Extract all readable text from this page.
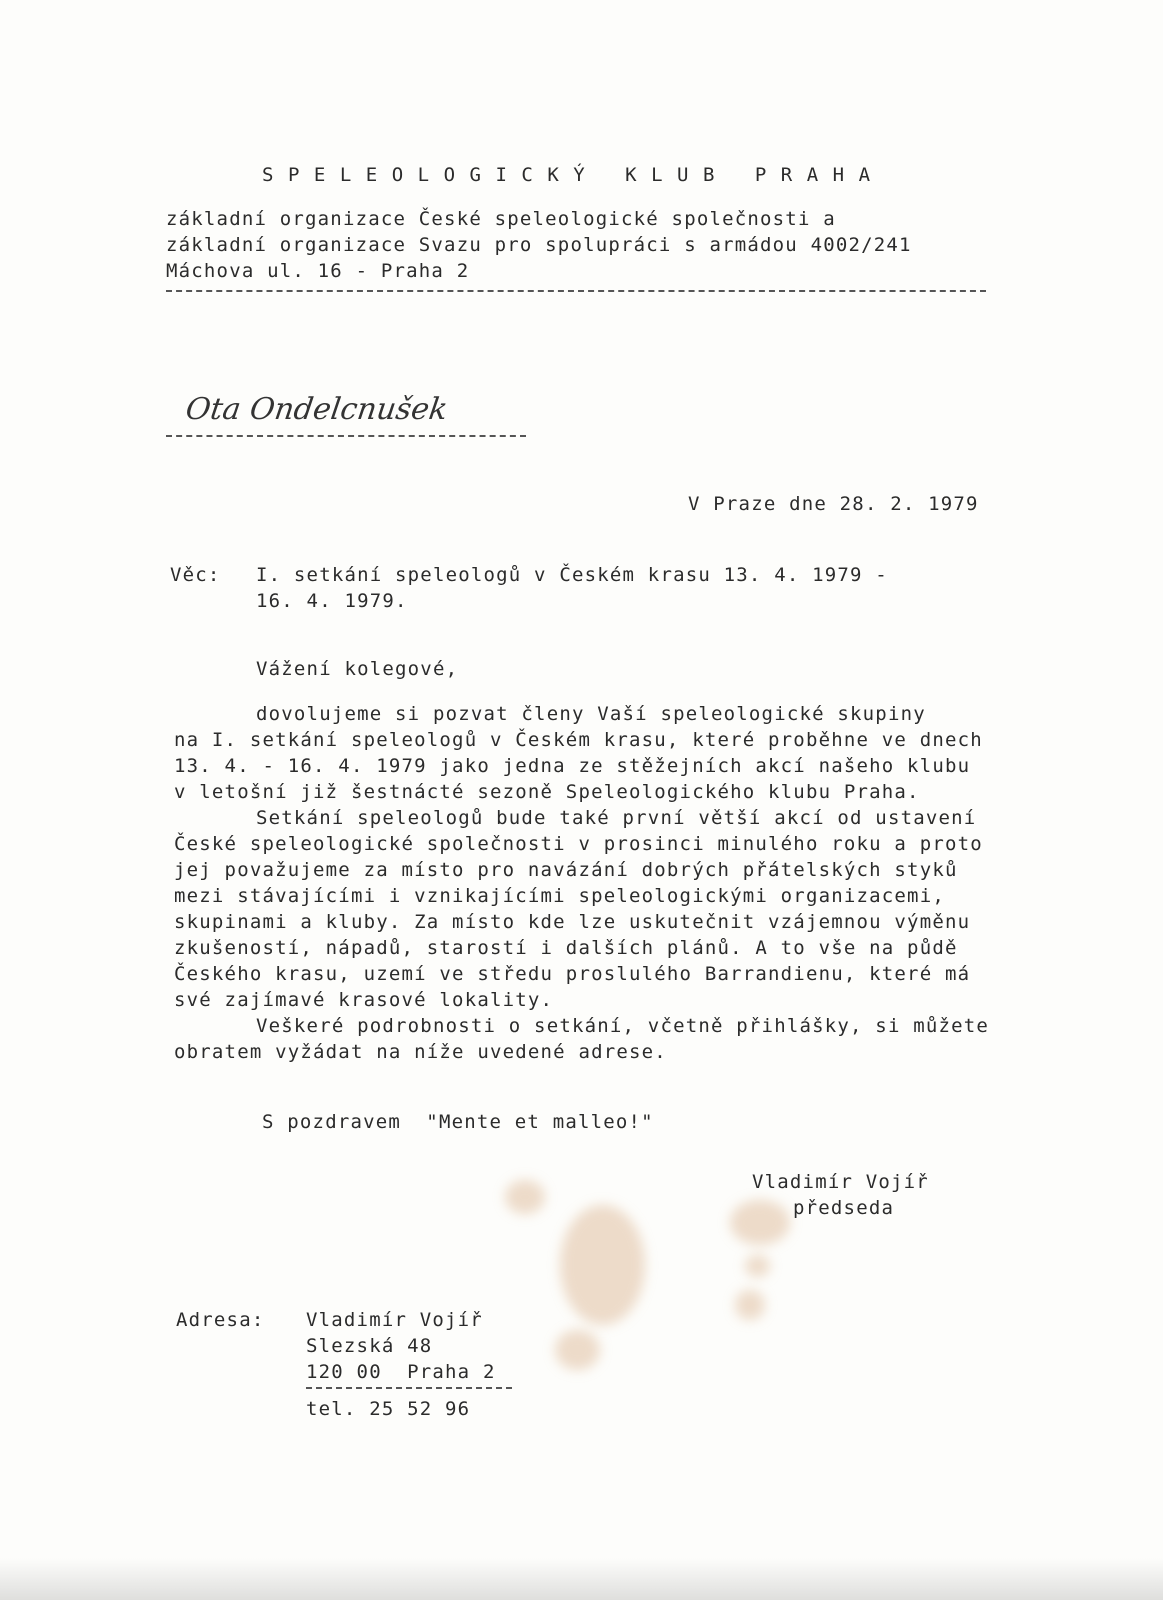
SPELEOLOGICKÝ KLUB PRAHA
základní organizace České speleologické společnosti a
základní organizace Svazu pro spolupráci s armádou 4002/241
Máchova ul. 16 - Praha 2
Ota Ondelcnušek
V Praze dne 28. 2. 1979
Věc: I. setkání speleologů v Českém krasu 13. 4. 1979 -
16. 4. 1979.
Vážení kolegové,
dovolujeme si pozvat členy Vaší speleologické skupiny
na I. setkání speleologů v Českém krasu, které proběhne ve dnech
13. 4. - 16. 4. 1979 jako jedna ze stěžejních akcí našeho klubu
v letošní již šestnácté sezoně Speleologického klubu Praha.
Setkání speleologů bude také první větší akcí od ustavení
České speleologické společnosti v prosinci minulého roku a proto
jej považujeme za místo pro navázání dobrých přátelských styků
mezi stávajícími i vznikajícími speleologickými organizacemi,
skupinami a kluby. Za místo kde lze uskutečnit vzájemnou výměnu
zkušeností, nápadů, starostí i dalších plánů. A to vše na půdě
Českého krasu, uzemí ve středu proslulého Barrandienu, které má
své zajímavé krasové lokality.
Veškeré podrobnosti o setkání, včetně přihlášky, si můžete
obratem vyžádat na níže uvedené adrese.
S pozdravem  "Mente et malleo!"
Vladimír Vojíř
předseda
Adresa: Vladimír Vojíř
Slezská 48
120 00  Praha 2
tel. 25 52 96
